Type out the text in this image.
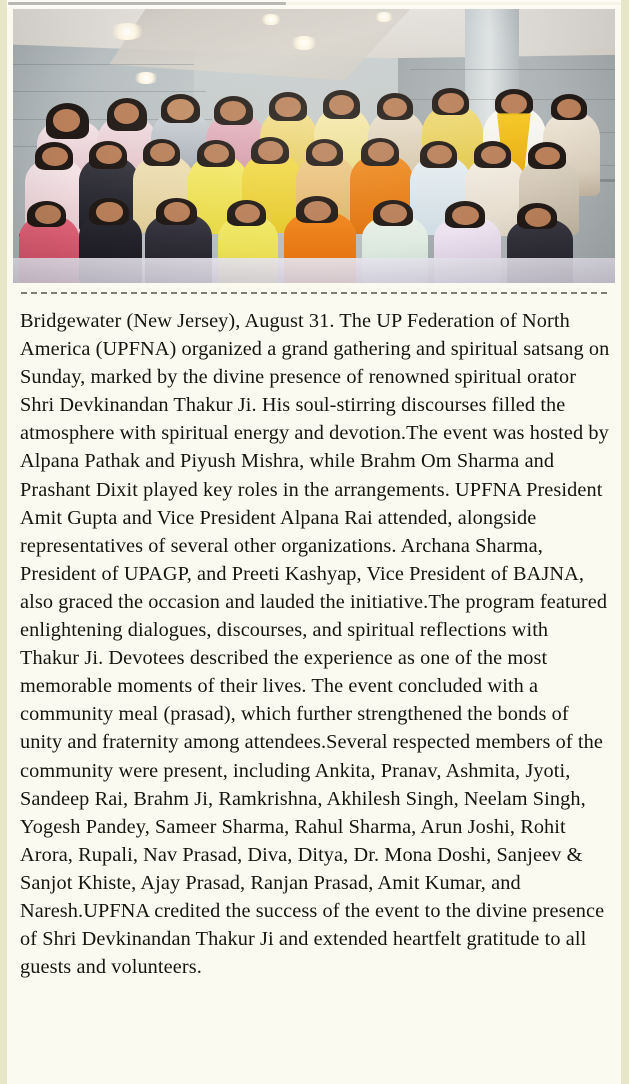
Bridgewater (New Jersey), August 31. The UP Federation of North America (UPFNA) organized a grand gathering and spiritual satsang on Sunday, marked by the divine presence of renowned spiritual orator Shri Devkinandan Thakur Ji. His soul-stirring discourses filled the atmosphere with spiritual energy and devotion.The event was hosted by Alpana Pathak and Piyush Mishra, while Brahm Om Sharma and Prashant Dixit played key roles in the arrangements. UPFNA President Amit Gupta and Vice President Alpana Rai attended, alongside representatives of several other organizations. Archana Sharma, President of UPAGP, and Preeti Kashyap, Vice President of BAJNA, also graced the occasion and lauded the initiative.The program featured enlightening dialogues, discourses, and spiritual reflections with Thakur Ji. Devotees described the experience as one of the most memorable moments of their lives. The event concluded with a community meal (prasad), which further strengthened the bonds of unity and fraternity among attendees.Several respected members of the community were present, including Ankita, Pranav, Ashmita, Jyoti, Sandeep Rai, Brahm Ji, Ramkrishna, Akhilesh Singh, Neelam Singh, Yogesh Pandey, Sameer Sharma, Rahul Sharma, Arun Joshi, Rohit Arora, Rupali, Nav Prasad, Diva, Ditya, Dr. Mona Doshi, Sanjeev & Sanjot Khiste, Ajay Prasad, Ranjan Prasad, Amit Kumar, and Naresh.UPFNA credited the success of the event to the divine presence of Shri Devkinandan Thakur Ji and extended heartfelt gratitude to all guests and volunteers.
